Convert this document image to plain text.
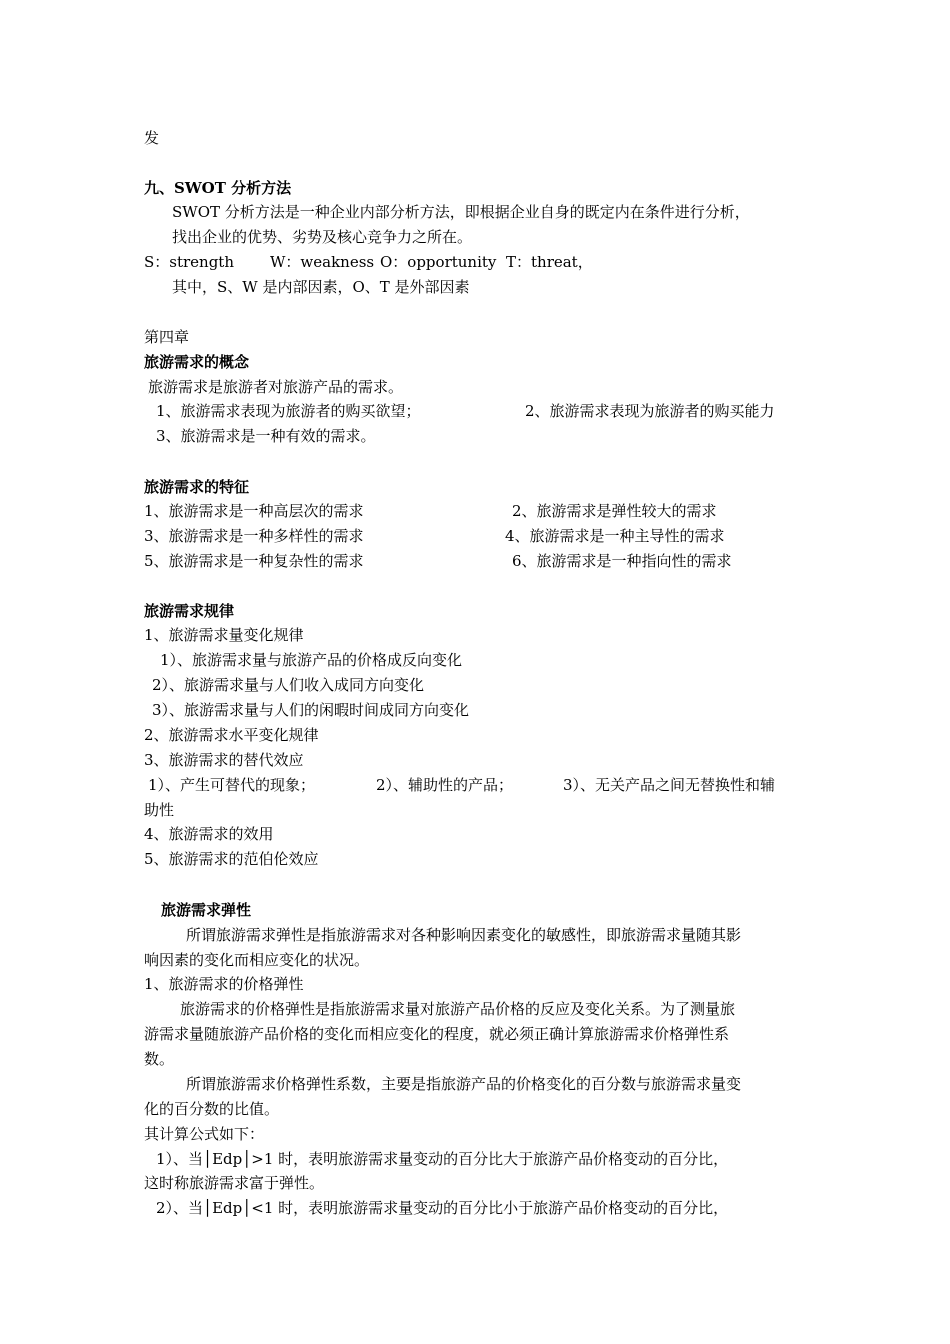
发
九、SWOT 分析方法
SWOT 分析方法是一种企业内部分析方法，即根据企业自身的既定内在条件进行分析，
找出企业的优势、劣势及核心竞争力之所在。
S：strength W：weakness O：opportunity T：threat，
其中，S、W 是内部因素，O、T 是外部因素
第四章
旅游需求的概念
旅游需求是旅游者对旅游产品的需求。
1、旅游需求表现为旅游者的购买欲望；	2、旅游需求表现为旅游者的购买能力
3、旅游需求是一种有效的需求。
旅游需求的特征
1、旅游需求是一种高层次的需求	2、旅游需求是弹性较大的需求
3、旅游需求是一种多样性的需求	4、旅游需求是一种主导性的需求
5、旅游需求是一种复杂性的需求	6、旅游需求是一种指向性的需求
旅游需求规律
1、旅游需求量变化规律
1）、旅游需求量与旅游产品的价格成反向变化
2）、旅游需求量与人们收入成同方向变化
3）、旅游需求量与人们的闲暇时间成同方向变化
2、旅游需求水平变化规律
3、旅游需求的替代效应
1）、产生可替代的现象；	2）、辅助性的产品；	3）、无关产品之间无替换性和辅
助性
4、旅游需求的效用
5、旅游需求的范伯伦效应
旅游需求弹性
所谓旅游需求弹性是指旅游需求对各种影响因素变化的敏感性，即旅游需求量随其影
响因素的变化而相应变化的状况。
1、旅游需求的价格弹性
旅游需求的价格弹性是指旅游需求量对旅游产品价格的反应及变化关系。为了测量旅
游需求量随旅游产品价格的变化而相应变化的程度，就必须正确计算旅游需求价格弹性系
数。
所谓旅游需求价格弹性系数，主要是指旅游产品的价格变化的百分数与旅游需求量变
化的百分数的比值。
其计算公式如下：
1）、当│Edp│>1 时，表明旅游需求量变动的百分比大于旅游产品价格变动的百分比，
这时称旅游需求富于弹性。
2）、当│Edp│<1 时，表明旅游需求量变动的百分比小于旅游产品价格变动的百分比，
